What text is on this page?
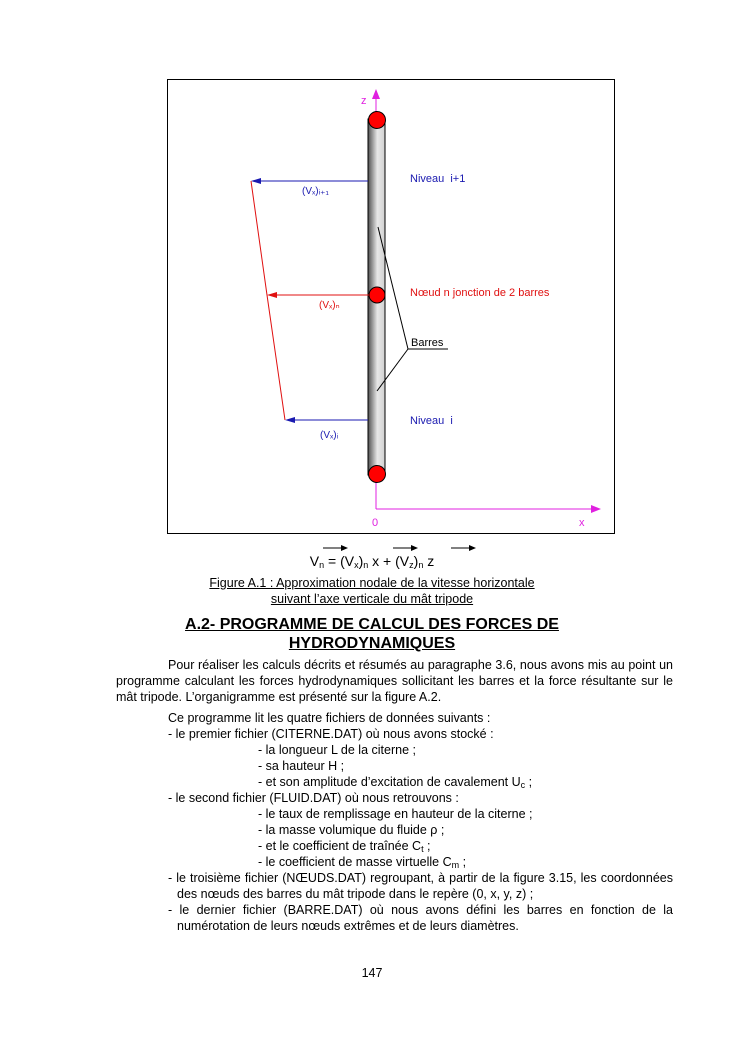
z
x
0
(Vₓ)ᵢ₊₁
(Vₓ)ₙ
(Vₓ)ᵢ
Niveau  i+1
Nœud n jonction de 2 barres
Barres
Niveau  i
$V_n = (V_x)_n$ $x + (V_z)_n$ z
Figure A.1 : Approximation nodale de la vitesse horizontale
suivant l’axe verticale du mât tripode
A.2- PROGRAMME DE CALCUL DES FORCES DE
HYDRODYNAMIQUES
Pour réaliser les calculs décrits et résumés au paragraphe 3.6, nous avons mis au point un programme calculant les forces hydrodynamiques sollicitant les barres et la force résultante sur le mât tripode. L’organigramme est présenté sur la figure A.2.
Ce programme lit les quatre fichiers de données suivants :
- le premier fichier (CITERNE.DAT) où nous avons stocké :
- la longueur L de la citerne ;
- sa hauteur H ;
- et son amplitude d’excitation de cavalement $U_c$ ;
- le second fichier (FLUID.DAT) où nous retrouvons :
- le taux de remplissage en hauteur de la citerne ;
- la masse volumique du fluide ρ ;
- et le coefficient de traînée $C_t$ ;
- le coefficient de masse virtuelle $C_m$ ;
- le troisième fichier (NŒUDS.DAT) regroupant, à partir de la figure 3.15, les coordonnées des nœuds des barres du mât tripode dans le repère (0, x, y, z) ;
- le dernier fichier (BARRE.DAT) où nous avons défini les barres en fonction de la numérotation de leurs nœuds extrêmes et de leurs diamètres.
147
